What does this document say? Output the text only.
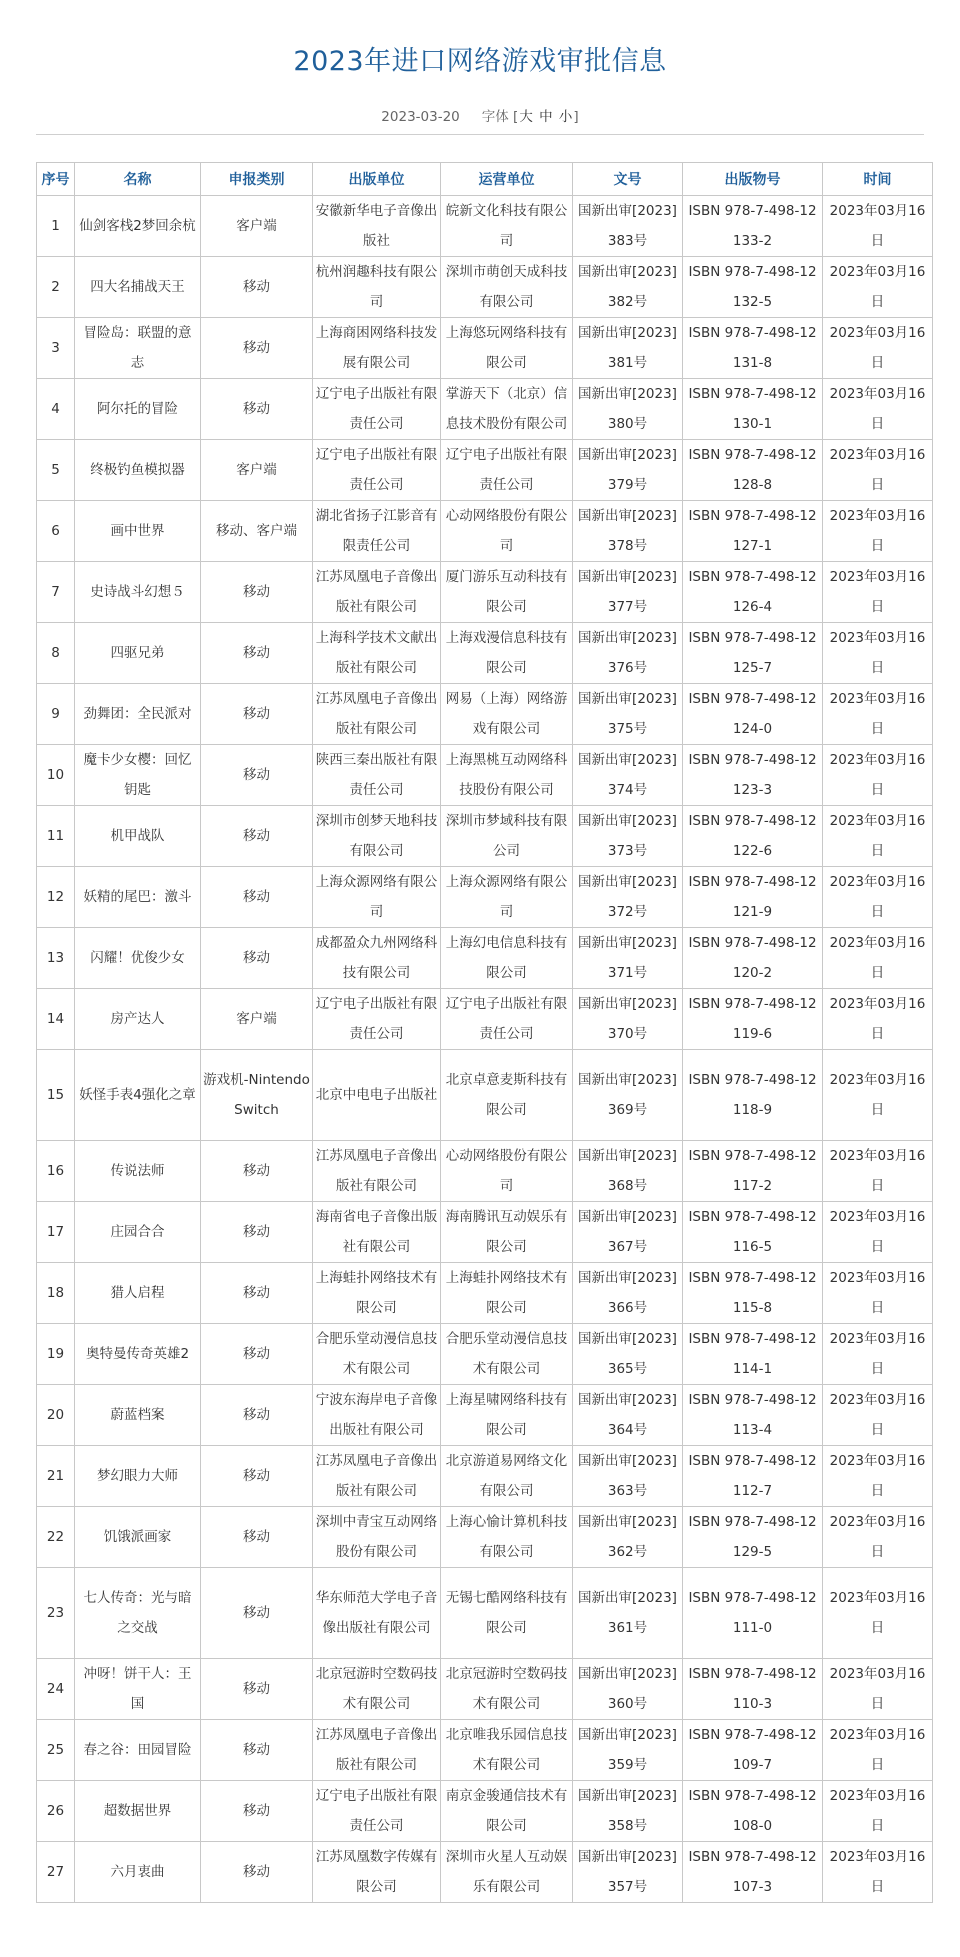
2023年进口网络游戏审批信息
2023-03-20 字体 [大 中 小]
序号	名称	申报类别	出版单位	运营单位	文号	出版物号	时间
1	仙剑客栈2梦回余杭	客户端	安徽新华电子音像出版社	皖新文化科技有限公司	国新出审[2023]383号	ISBN 978-7-498-12133-2	2023年03月16日
2	四大名捕战天王	移动	杭州润趣科技有限公司	深圳市萌创天成科技有限公司	国新出审[2023]382号	ISBN 978-7-498-12132-5	2023年03月16日
3	冒险岛：联盟的意志	移动	上海商困网络科技发展有限公司	上海悠玩网络科技有限公司	国新出审[2023]381号	ISBN 978-7-498-12131-8	2023年03月16日
4	阿尔托的冒险	移动	辽宁电子出版社有限责任公司	掌游天下（北京）信息技术股份有限公司	国新出审[2023]380号	ISBN 978-7-498-12130-1	2023年03月16日
5	终极钓鱼模拟器	客户端	辽宁电子出版社有限责任公司	辽宁电子出版社有限责任公司	国新出审[2023]379号	ISBN 978-7-498-12128-8	2023年03月16日
6	画中世界	移动、客户端	湖北省扬子江影音有限责任公司	心动网络股份有限公司	国新出审[2023]378号	ISBN 978-7-498-12127-1	2023年03月16日
7	史诗战斗幻想５	移动	江苏凤凰电子音像出版社有限公司	厦门游乐互动科技有限公司	国新出审[2023]377号	ISBN 978-7-498-12126-4	2023年03月16日
8	四驱兄弟	移动	上海科学技术文献出版社有限公司	上海戏漫信息科技有限公司	国新出审[2023]376号	ISBN 978-7-498-12125-7	2023年03月16日
9	劲舞团：全民派对	移动	江苏凤凰电子音像出版社有限公司	网易（上海）网络游戏有限公司	国新出审[2023]375号	ISBN 978-7-498-12124-0	2023年03月16日
10	魔卡少女樱：回忆钥匙	移动	陕西三秦出版社有限责任公司	上海黑桃互动网络科技股份有限公司	国新出审[2023]374号	ISBN 978-7-498-12123-3	2023年03月16日
11	机甲战队	移动	深圳市创梦天地科技有限公司	深圳市梦域科技有限公司	国新出审[2023]373号	ISBN 978-7-498-12122-6	2023年03月16日
12	妖精的尾巴：激斗	移动	上海众源网络有限公司	上海众源网络有限公司	国新出审[2023]372号	ISBN 978-7-498-12121-9	2023年03月16日
13	闪耀！优俊少女	移动	成都盈众九州网络科技有限公司	上海幻电信息科技有限公司	国新出审[2023]371号	ISBN 978-7-498-12120-2	2023年03月16日
14	房产达人	客户端	辽宁电子出版社有限责任公司	辽宁电子出版社有限责任公司	国新出审[2023]370号	ISBN 978-7-498-12119-6	2023年03月16日
15	妖怪手表4强化之章	游戏机-Nintendo Switch	北京中电电子出版社	北京卓意麦斯科技有限公司	国新出审[2023]369号	ISBN 978-7-498-12118-9	2023年03月16日
16	传说法师	移动	江苏凤凰电子音像出版社有限公司	心动网络股份有限公司	国新出审[2023]368号	ISBN 978-7-498-12117-2	2023年03月16日
17	庄园合合	移动	海南省电子音像出版社有限公司	海南腾讯互动娱乐有限公司	国新出审[2023]367号	ISBN 978-7-498-12116-5	2023年03月16日
18	猎人启程	移动	上海蛙扑网络技术有限公司	上海蛙扑网络技术有限公司	国新出审[2023]366号	ISBN 978-7-498-12115-8	2023年03月16日
19	奥特曼传奇英雄2	移动	合肥乐堂动漫信息技术有限公司	合肥乐堂动漫信息技术有限公司	国新出审[2023]365号	ISBN 978-7-498-12114-1	2023年03月16日
20	蔚蓝档案	移动	宁波东海岸电子音像出版社有限公司	上海星啸网络科技有限公司	国新出审[2023]364号	ISBN 978-7-498-12113-4	2023年03月16日
21	梦幻眼力大师	移动	江苏凤凰电子音像出版社有限公司	北京游道易网络文化有限公司	国新出审[2023]363号	ISBN 978-7-498-12112-7	2023年03月16日
22	饥饿派画家	移动	深圳中青宝互动网络股份有限公司	上海心愉计算机科技有限公司	国新出审[2023]362号	ISBN 978-7-498-12129-5	2023年03月16日
23	七人传奇：光与暗之交战	移动	华东师范大学电子音像出版社有限公司	无锡七酷网络科技有限公司	国新出审[2023]361号	ISBN 978-7-498-12111-0	2023年03月16日
24	冲呀！饼干人：王国	移动	北京冠游时空数码技术有限公司	北京冠游时空数码技术有限公司	国新出审[2023]360号	ISBN 978-7-498-12110-3	2023年03月16日
25	春之谷：田园冒险	移动	江苏凤凰电子音像出版社有限公司	北京唯我乐园信息技术有限公司	国新出审[2023]359号	ISBN 978-7-498-12109-7	2023年03月16日
26	超数据世界	移动	辽宁电子出版社有限责任公司	南京金骏通信技术有限公司	国新出审[2023]358号	ISBN 978-7-498-12108-0	2023年03月16日
27	六月衷曲	移动	江苏凤凰数字传媒有限公司	深圳市火星人互动娱乐有限公司	国新出审[2023]357号	ISBN 978-7-498-12107-3	2023年03月16日
